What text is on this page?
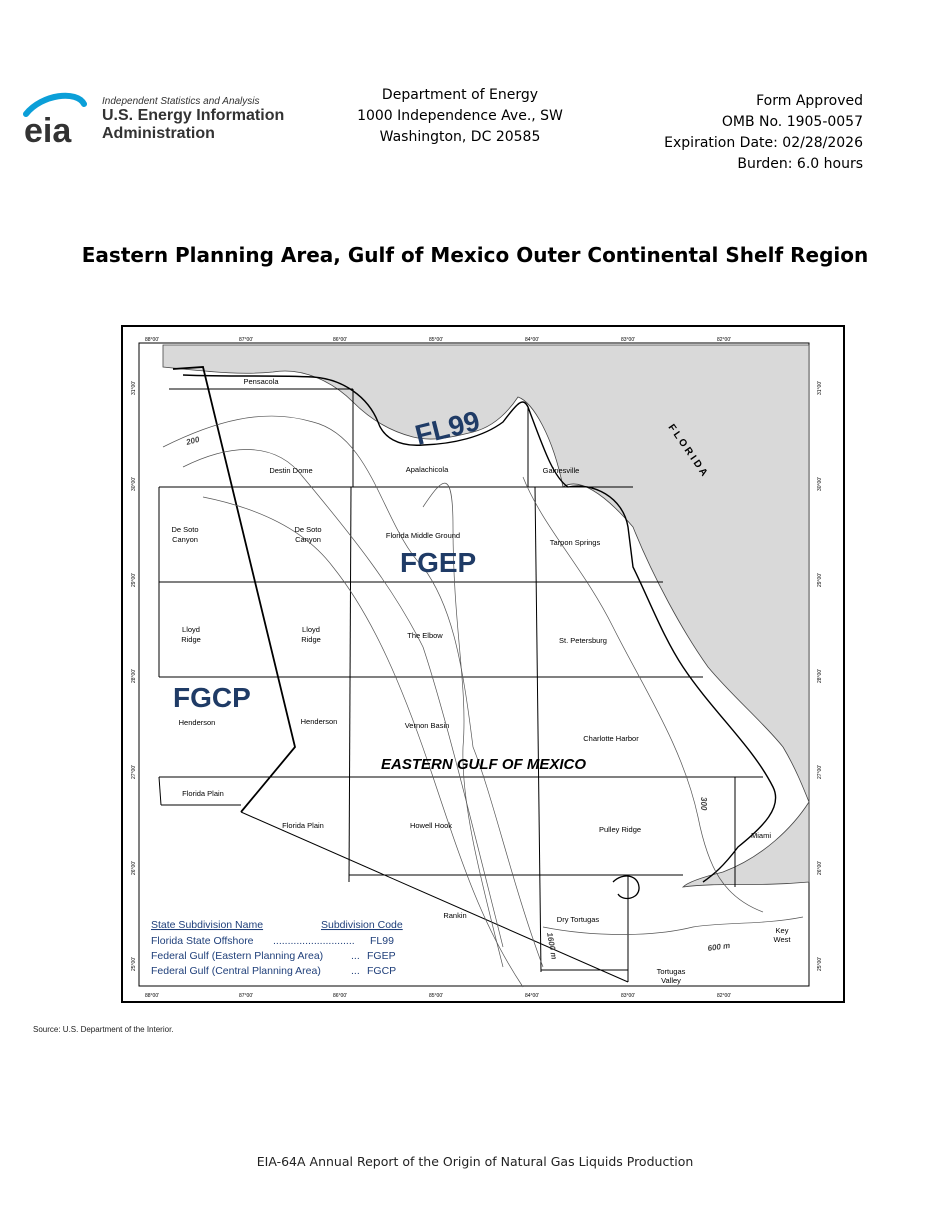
eia
Independent Statistics and Analysis
U.S. Energy Information
Administration
Department of Energy
1000 Independence Ave., SW
Washington, DC 20585
Form Approved
OMB No. 1905-0057
Expiration Date: 02/28/2026
Burden: 6.0 hours
Eastern Planning Area, Gulf of Mexico Outer Continental Shelf Region
88°00'	87°00'	86°00'	85°00'	84°00'	83°00'	82°00'
88°00'	87°00'	86°00'	85°00'	84°00'	83°00'	82°00'
31°00'
30°00'
29°00'
28°00'
27°00'
26°00'
25°00'
31°00'
30°00'
29°00'
28°00'
27°00'
26°00'
25°00'
F L O R I D A
FL99
FGEP
FGCP
EASTERN GULF OF MEXICO
Pensacola
Destin Dome	Apalachicola	Gainesville
De Soto
Canyon
De Soto
Canyon	Florida Middle Ground
Tarpon Springs
Lloyd
Ridge
Lloyd
Ridge	The Elbow
St. Petersburg
Henderson	Henderson	Vernon Basin
Charlotte Harbor
Florida Plain
Florida Plain	Howell Hook	Pulley Ridge
Miami
Rankin	Dry Tortugas
Key
West
Tortugas
Valley
200
300
600 m
1600 m
State Subdivision Name	Subdivision Code
Florida State Offshore ............................ FL99
Federal Gulf (Eastern Planning Area)	... FGEP
Federal Gulf (Central Planning Area)	... FGCP
Source: U.S. Department of the Interior.
EIA-64A Annual Report of the Origin of Natural Gas Liquids Production
